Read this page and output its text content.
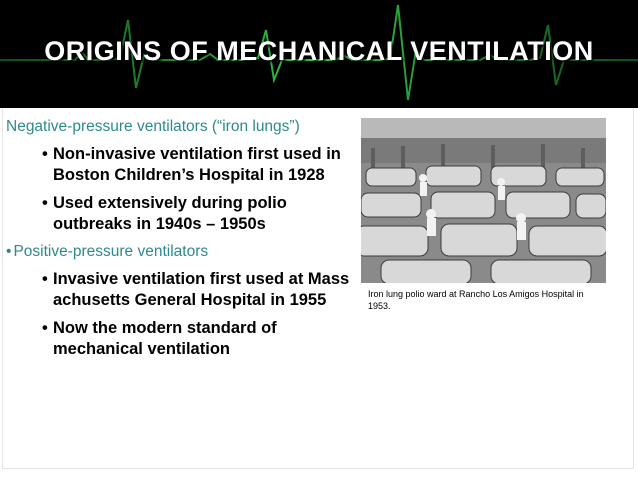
ORIGINS OF MECHANICAL VENTILATION
Negative-pressure ventilators (“iron lungs”)
• Non-invasive ventilation first used in Boston Children’s Hospital in 1928
• Used extensively during polio outbreaks in 1940s – 1950s
• Positive-pressure ventilators
• Invasive ventilation first used at Mass achusetts General Hospital in 1955
• Now the modern standard of mechanical ventilation
Iron lung polio ward at Rancho Los Amigos Hospital in 1953.
